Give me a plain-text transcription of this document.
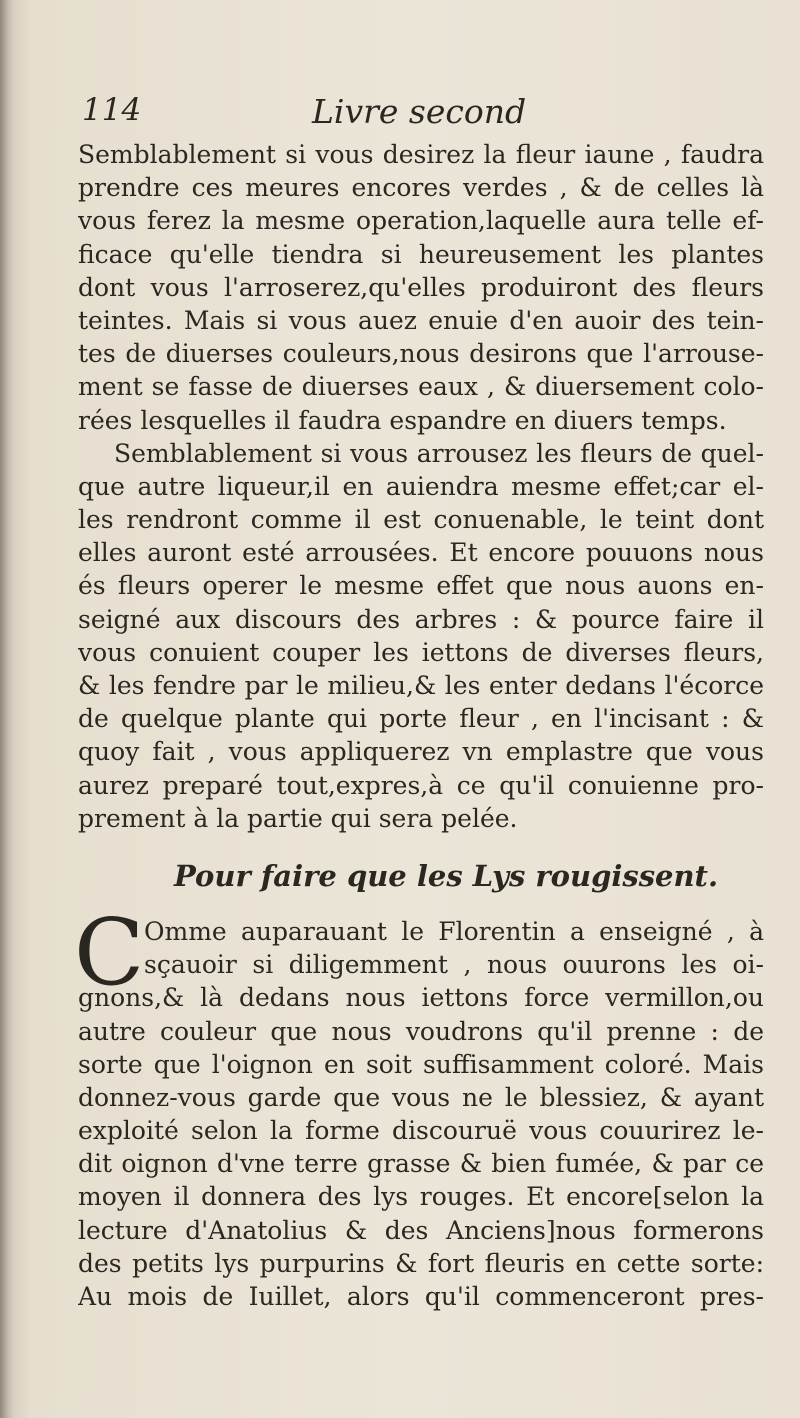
114	Livre second
Semblablement si vous desirez la fleur iaune , faudra
prendre ces meures encores verdes , & de celles là
vous ferez la mesme operation,laquelle aura telle ef-
ficace qu'elle tiendra si heureusement les plantes
dont vous l'arroserez,qu'elles produiront des fleurs
teintes. Mais si vous auez enuie d'en auoir des tein-
tes de diuerses couleurs,nous desirons que l'arrouse-
ment se fasse de diuerses eaux , & diuersement colo-
rées lesquelles il faudra espandre en diuers temps.
Semblablement si vous arrousez les fleurs de quel-
que autre liqueur,il en auiendra mesme effet;car el-
les rendront comme il est conuenable, le teint dont
elles auront esté arrousées. Et encore pouuons nous
és fleurs operer le mesme effet que nous auons en-
seigné aux discours des arbres : & pource faire il
vous conuient couper les iettons de diverses fleurs,
& les fendre par le milieu,& les enter dedans l'écorce
de quelque plante qui porte fleur , en l'incisant : &
quoy fait , vous appliquerez vn emplastre que vous
aurez preparé tout,expres,à ce qu'il conuienne pro-
prement à la partie qui sera pelée.
Pour faire que les Lys rougissent.
C Omme auparauant le Florentin a enseigné , à
sçauoir si diligemment , nous ouurons les oi-
gnons,& là dedans nous iettons force vermillon,ou
autre couleur que nous voudrons qu'il prenne : de
sorte que l'oignon en soit suffisamment coloré. Mais
donnez-vous garde que vous ne le blessiez, & ayant
exploité selon la forme discouruë vous couurirez le-
dit oignon d'vne terre grasse & bien fumée, & par ce
moyen il donnera des lys rouges. Et encore[selon la
lecture d'Anatolius & des Anciens]nous formerons
des petits lys purpurins & fort fleuris en cette sorte:
Au mois de Iuillet, alors qu'il commenceront pres-
